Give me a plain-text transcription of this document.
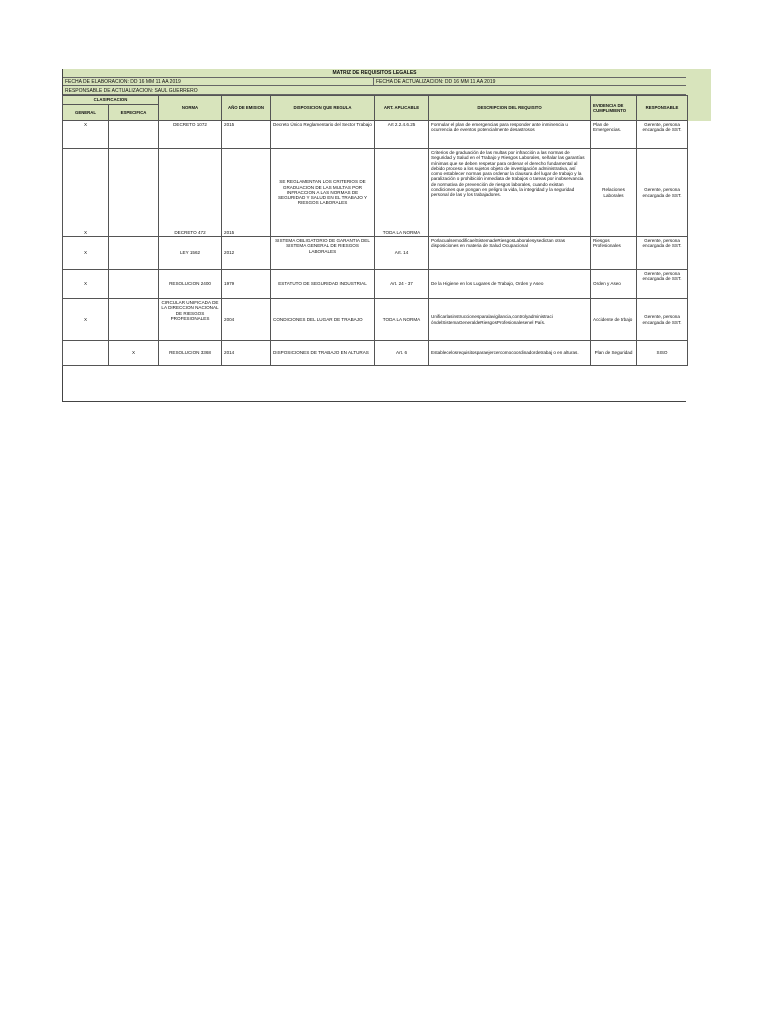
MATRIZ DE REQUISITOS LEGALES
FECHA DE ELABORACION: DD 16 MM 11 AA 2019	FECHA DE ACTUALIZACION: DD 16 MM 11 AA 2019
RESPONSABLE DE ACTUALIZACION: SAUL GUERRERO
CLASIFICACION		NORMA	AÑO DE EMISION	DISPOSICION QUE REGULA	ART. APLICABLE	DESCRIPCION DEL REQUISITO	EVIDENCIA DE CUMPLIMIENTO	RESPONSABLE
GENERAL	ESPECIFICA							
X		DECRETO 1072	2015	Decreto Único Reglamentario del Sector Trabajo	Art 2.2.4.6.25	Formular el plan de emergencias para responder ante inminencia u ocurrencia de eventos potencialmente desastrosos	Plan de Emergencias.	Gerente, persona encargada de SST.
X		DECRETO 472	2015	SE REGLAMENTAN LOS CRITERIOS DE GRADUACION DE LAS MULTAS POR INFRACCION A LAS NORMAS DE SEGURIDAD Y SALUD EN EL TRABAJO Y RIESGOS LABORALES	TODA LA NORMA	Criterios de graduación de las multas por infracción a las normas de Seguridad y Salud en el Trabajo y Riesgos Laborales, señalar las garantías mínimas que se deben respetar para ordenar el derecho fundamental al debido proceso a los sujetos objeto de investigación administrativa, así como establecer normas para ordenar la clausura del lugar de trabajo y la paralización o prohibición inmediata de trabajos o tareas por inobservancia de normativa de prevención de riesgos laborales, cuando existan condiciones que pongan en peligro la vida, la integridad y la seguridad personal de las y los trabajadores.	Relaciones Laborales	Gerente, persona encargada de SST.
X		LEY 1562	2012	SISTEMA OBLIGATORIO DE GARANTIA DEL SISTEMA GENERAL DE RIESGOS LABORALES	Art. 14	PorlacualsemodificaelSistemadeRiesgosLaboralesysedictan otras disposiciones en materia de Salud Ocupacional	Riesgos Profesionales	Gerente, persona encargada de SST.
X		RESOLUCION 2400	1979	ESTATUTO DE SEGURIDAD INDUSTRIAL	Art. 24 - 37	De la Higiene en los Lugares de Trabajo, Orden y Aseo	Orden y Aseo	Gerente, persona encargada de SST.
X		CIRCULAR UNIFICADA DE LA DIRECCION NACIONAL DE RIESGOS PROFESIONALES	2004	CONDICIONES DEL LUGAR DE TRABAJO	TODA LA NORMA	Unificarlasinstruccionesparalavigilancia,controlyadministraci óndelSistemaGeneraldeRiesgosProfesionalesenel País.	Accidente de trbajo	Gerente, persona encargada de SST.
	X	RESOLUCION 3368	2014	DISPOSICIONES DE TRABAJO EN ALTURAS	Art. 6	Establecelosrequisitosparaejercercomocoordinadordetrabaj o en alturas.	Plan de Seguridad	SISO
